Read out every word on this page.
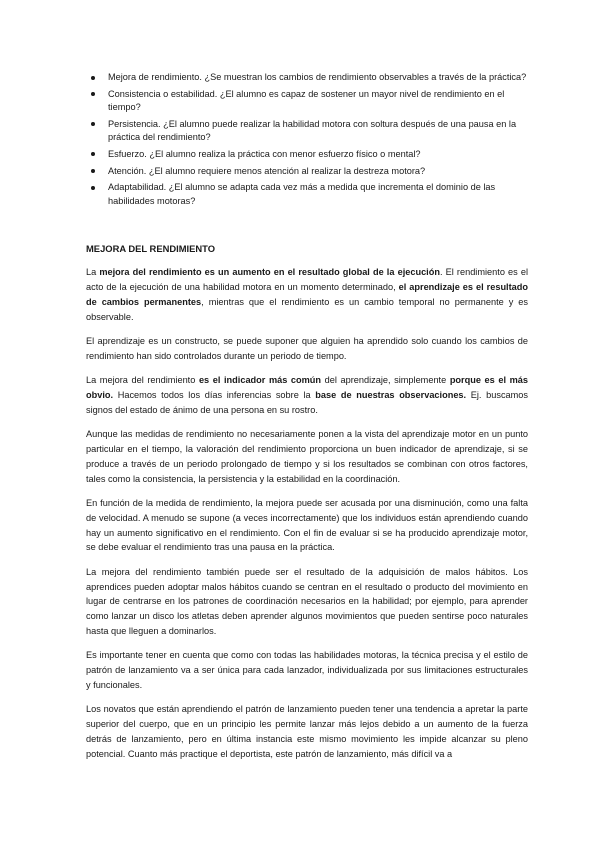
Mejora de rendimiento. ¿Se muestran los cambios de rendimiento observables a través de la práctica?
Consistencia o estabilidad. ¿El alumno es capaz de sostener un mayor nivel de rendimiento en el tiempo?
Persistencia. ¿El alumno puede realizar la habilidad motora con soltura después de una pausa en la práctica del rendimiento?
Esfuerzo. ¿El alumno realiza la práctica con menor esfuerzo físico o mental?
Atención. ¿El alumno requiere menos atención al realizar la destreza motora?
Adaptabilidad. ¿El alumno se adapta cada vez más a medida que incrementa el dominio de las habilidades motoras?
MEJORA DEL RENDIMIENTO

La mejora del rendimiento es un aumento en el resultado global de la ejecución. El rendimiento es el acto de la ejecución de una habilidad motora en un momento determinado, el aprendizaje es el resultado de cambios permanentes, mientras que el rendimiento es un cambio temporal no permanente y es observable.

El aprendizaje es un constructo, se puede suponer que alguien ha aprendido solo cuando los cambios de rendimiento han sido controlados durante un periodo de tiempo.

La mejora del rendimiento es el indicador más común del aprendizaje, simplemente porque es el más obvio. Hacemos todos los días inferencias sobre la base de nuestras observaciones. Ej. buscamos signos del estado de ánimo de una persona en su rostro.

Aunque las medidas de rendimiento no necesariamente ponen a la vista del aprendizaje motor en un punto particular en el tiempo, la valoración del rendimiento proporciona un buen indicador de aprendizaje, si se produce a través de un periodo prolongado de tiempo y si los resultados se combinan con otros factores, tales como la consistencia, la persistencia y la estabilidad en la coordinación.

En función de la medida de rendimiento, la mejora puede ser acusada por una disminución, como una falta de velocidad. A menudo se supone (a veces incorrectamente) que los individuos están aprendiendo cuando hay un aumento significativo en el rendimiento. Con el fin de evaluar si se ha producido aprendizaje motor, se debe evaluar el rendimiento tras una pausa en la práctica.

La mejora del rendimiento también puede ser el resultado de la adquisición de malos hábitos. Los aprendices pueden adoptar malos hábitos cuando se centran en el resultado o producto del movimiento en lugar de centrarse en los patrones de coordinación necesarios en la habilidad; por ejemplo, para aprender como lanzar un disco los atletas deben aprender algunos movimientos que pueden sentirse poco naturales hasta que lleguen a dominarlos.

Es importante tener en cuenta que como con todas las habilidades motoras, la técnica precisa y el estilo de patrón de lanzamiento va a ser única para cada lanzador, individualizada por sus limitaciones estructurales y funcionales.

Los novatos que están aprendiendo el patrón de lanzamiento pueden tener una tendencia a apretar la parte superior del cuerpo, que en un principio les permite lanzar más lejos debido a un aumento de la fuerza detrás de lanzamiento, pero en última instancia este mismo movimiento les impide alcanzar su pleno potencial. Cuanto más practique el deportista, este patrón de lanzamiento, más difícil va a
